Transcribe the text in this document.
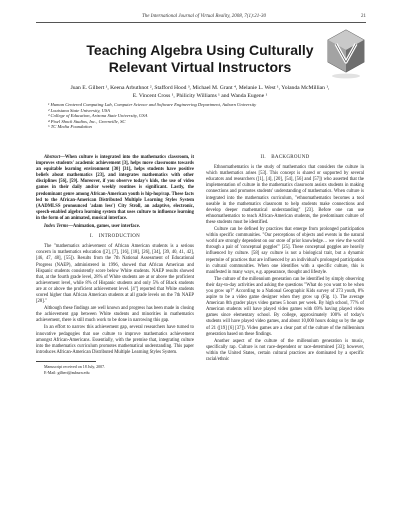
The International Journal of Virtual Reality, 2008, 7(1):21-30	21
Teaching Algebra Using Culturally
Relevant Virtual Instructors
Juan E. Gilbert ¹, Keena Arbuthnot ², Stafford Hood ³, Michael M. Grant ⁴, Melanie L. West ¹, Yolanda McMillian ¹,
E. Vincent Cross ¹, Philicity Williams ¹ and Wanda Eugene ¹
¹ Human Centered Computing Lab, Computer Science and Software Engineering Department, Auburn University
² Louisiana State University, USA
³ College of Education, Arizona State University, USA
⁴ Pixel Shock Studios, Inc., Greenville, SC
⁵ TC Media Foundation

Abstract—When culture is integrated into the mathematics classroom, it improves students' academic achievement [3], helps move classrooms towards an equitable learning environment [30] [31], helps students have positive beliefs about mathematics [23], and integrates mathematics with other disciplines [56], [59]. Moreover, if you observe today's kids, the use of video games in their daily and/or weekly routines is significant. Lastly, the predominant genre among African-American youth is hip-hop/rap. These facts led to the African-American Distributed Multiple Learning Styles System (AADMLSS pronounced 'adam less') City Stroll, an adaptive, electronic, speech-enabled algebra learning system that uses culture to influence learning in the form of an animated, musical interface.

Index Terms—Animation, games, user interface.

I. INTRODUCTION

The "mathematics achievement of African American students is a serious concern in mathematics education ([2], [7], [16], [18], [26], [34], [39, 40, 41, 42], [46, 47, 48], [55]). Results from the 7th National Assessment of Educational Progress (NAEP), administered in 1996, showed that African American and Hispanic students consistently score below White students. NAEP results showed that, at the fourth grade level, 28% of White students are at or above the proficient achievement level, while 8% of Hispanic students and only 5% of Black students are at or above the proficient achievement level. [4"] reported that White students scored higher than African American students at all grade levels on the 7th NAEP [28]."

Although these findings are well known and progress has been made in closing the achievement gap between White students and minorities in mathematics achievement, there is still much work to be done in narrowing this gap.

In an effort to narrow this achievement gap, several researchers have turned to innovative pedagogies that use culture to improve mathematics achievement amongst African-Americans. Essentially, with the premise that, integrating culture into the mathematics curriculum promotes mathematical understanding. This paper introduces African-American Distributed Multiple Learning Styles System.

Manuscript received on 18 July, 2007.

E-Mail: gilbert@auburn.edu

II. BACKGROUND

Ethnomathematics is the study of mathematics that considers the culture in which mathematics arises [53]. This concept is shared or supported by several educators and researchers ([1], [4], [20], [54], [56] and [57]) who asserted that the implementation of culture in the mathematics classroom assists students in making connections and promotes students' understanding of mathematics. When culture is integrated into the mathematics curriculum, "ethnomathematics becomes a tool useable in the mathematics classroom to help students make connections and develop deeper mathematical understanding" [23]. Before one can use ethnomathematics to teach African-American students, the predominant culture of these students must be identified.

Culture can be defined by practices that emerge from prolonged participation within specific communities. "Our perceptions of objects and events in the natural world are strongly dependent on our store of prior knowledge… we view the world through a pair of 'conceptual goggles'" [25]. These conceptual goggles are heavily influenced by culture. [58] say culture is not a biological trait, but a dynamic repertoire of practices that are influenced by an individual's prolonged participation in cultural communities. When one identifies with a specific culture, this is manifested in many ways, e.g. appearance, thought and lifestyle.

The culture of the millennium generation can be identified by simply observing their day-to-day activities and asking the questions "What do you want to be when you grow up?" According to a National Geographic Kids survey of 273 youth, 8% aspire to be a video game designer when they grow up (Fig. 1). The average American 8th grader plays video games 5 hours per week. By high school, 77% of American students will have played video games with 69% having played video games since elementary school. By college, approximately 100% of today's students will have played video games, and about 10,000 hours doing so by the age of 21 ([19] [6] [37]). Video games are a clear part of the culture of the millennium generation based on these findings.

Another aspect of the culture of the millennium generation is music, specifically rap. Culture is not race-dependent or race-determined [33]; however, within the United States, certain cultural practices are dominated by a specific racial/ethnic
